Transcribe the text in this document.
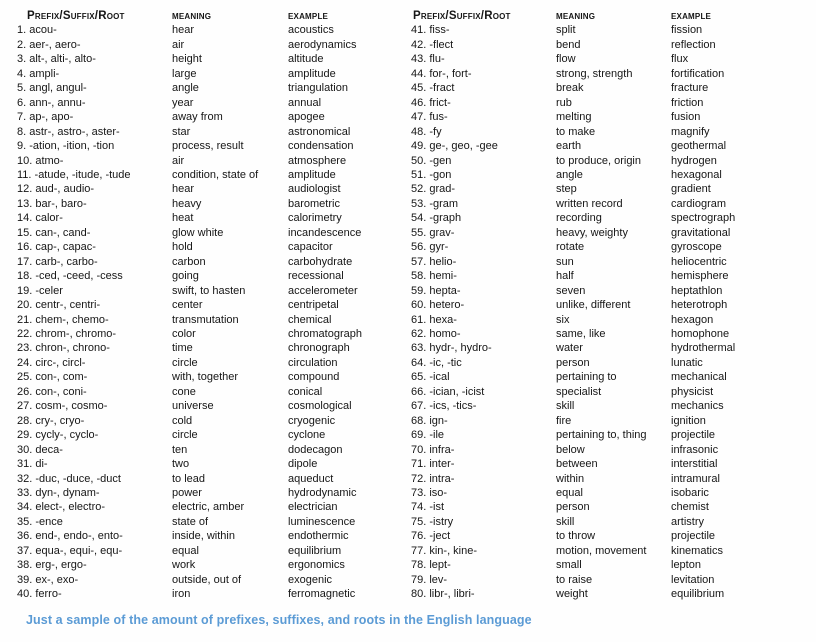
Prefix/Suffix/Root	meaning	example
1. acou-	hear	acoustics
2. aer-, aero-	air	aerodynamics
3. alt-, alti-, alto-	height	altitude
4. ampli-	large	amplitude
5. angl, angul-	angle	triangulation
6. ann-, annu-	year	annual
7. ap-, apo-	away from	apogee
8. astr-, astro-, aster-	star	astronomical
9. -ation, -ition, -tion	process, result	condensation
10. atmo-	air	atmosphere
11. -atude, -itude, -tude	condition, state of	amplitude
12. aud-, audio-	hear	audiologist
13. bar-, baro-	heavy	barometric
14. calor-	heat	calorimetry
15. can-, cand-	glow white	incandescence
16. cap-, capac-	hold	capacitor
17. carb-, carbo-	carbon	carbohydrate
18. -ced, -ceed, -cess	going	recessional
19. -celer	swift, to hasten	accelerometer
20. centr-, centri-	center	centripetal
21. chem-, chemo-	transmutation	chemical
22. chrom-, chromo-	color	chromatograph
23. chron-, chrono-	time	chronograph
24. circ-, circl-	circle	circulation
25. con-, com-	with, together	compound
26. con-, coni-	cone	conical
27. cosm-, cosmo-	universe	cosmological
28. cry-, cryo-	cold	cryogenic
29. cycly-, cyclo-	circle	cyclone
30. deca-	ten	dodecagon
31. di-	two	dipole
32. -duc, -duce, -duct	to lead	aqueduct
33. dyn-, dynam-	power	hydrodynamic
34. elect-, electro-	electric, amber	electrician
35. -ence	state of	luminescence
36. end-, endo-, ento-	inside, within	endothermic
37. equa-, equi-, equ-	equal	equilibrium
38. erg-, ergo-	work	ergonomics
39. ex-, exo-	outside, out of	exogenic
40. ferro-	iron	ferromagnetic
Prefix/Suffix/Root	meaning	example
41. fiss-	split	fission
42. -flect	bend	reflection
43. flu-	flow	flux
44. for-, fort-	strong, strength	fortification
45. -fract	break	fracture
46. frict-	rub	friction
47. fus-	melting	fusion
48. -fy	to make	magnify
49. ge-, geo, -gee	earth	geothermal
50. -gen	to produce, origin	hydrogen
51. -gon	angle	hexagonal
52. grad-	step	gradient
53. -gram	written record	cardiogram
54. -graph	recording	spectrograph
55. grav-	heavy, weighty	gravitational
56. gyr-	rotate	gyroscope
57. helio-	sun	heliocentric
58. hemi-	half	hemisphere
59. hepta-	seven	heptathlon
60. hetero-	unlike, different	heterotroph
61. hexa-	six	hexagon
62. homo-	same, like	homophone
63. hydr-, hydro-	water	hydrothermal
64. -ic, -tic	person	lunatic
65. -ical	pertaining to	mechanical
66. -ician, -icist	specialist	physicist
67. -ics, -tics-	skill	mechanics
68. ign-	fire	ignition
69. -ile	pertaining to, thing	projectile
70. infra-	below	infrasonic
71. inter-	between	interstitial
72. intra-	within	intramural
73. iso-	equal	isobaric
74. -ist	person	chemist
75. -istry	skill	artistry
76. -ject	to throw	projectile
77. kin-, kine-	motion, movement	kinematics
78. lept-	small	lepton
79. lev-	to raise	levitation
80. libr-, libri-	weight	equilibrium
Just a sample of the amount of prefixes, suffixes, and roots in the English language
